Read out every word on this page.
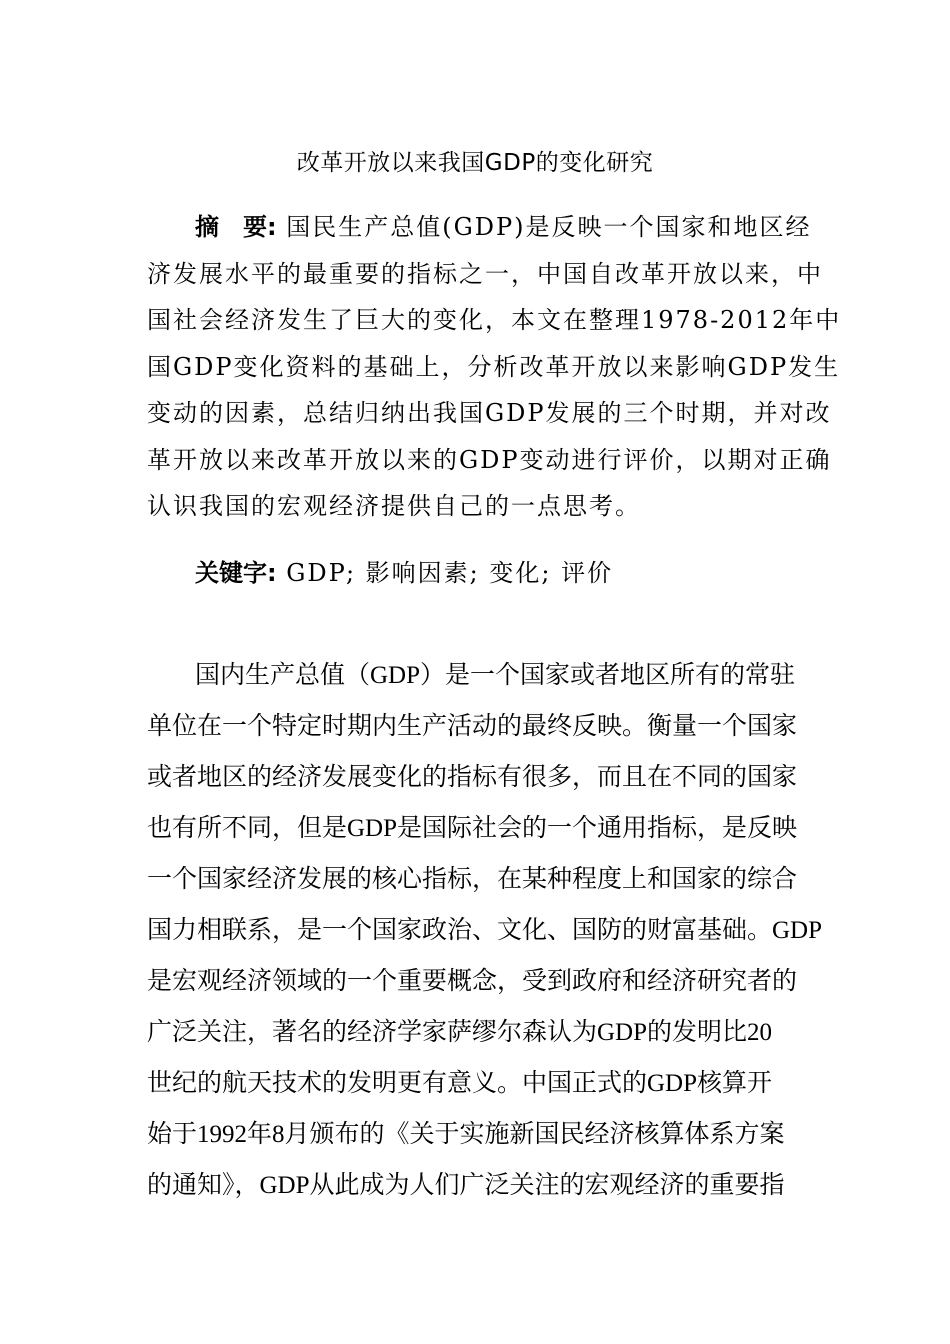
改革开放以来我国GDP的变化研究
摘　要: 国民生产总值(GDP)是反映一个国家和地区经
济发展水平的最重要的指标之一，中国自改革开放以来，中
国社会经济发生了巨大的变化，本文在整理1978-2012年中
国GDP变化资料的基础上，分析改革开放以来影响GDP发生
变动的因素，总结归纳出我国GDP发展的三个时期，并对改
革开放以来改革开放以来的GDP变动进行评价，以期对正确
认识我国的宏观经济提供自己的一点思考。
关键字: GDP; 影响因素; 变化; 评价
国内生产总值（GDP）是一个国家或者地区所有的常驻
单位在一个特定时期内生产活动的最终反映。衡量一个国家
或者地区的经济发展变化的指标有很多，而且在不同的国家
也有所不同，但是GDP是国际社会的一个通用指标，是反映
一个国家经济发展的核心指标，在某种程度上和国家的综合
国力相联系，是一个国家政治、文化、国防的财富基础。GDP
是宏观经济领域的一个重要概念，受到政府和经济研究者的
广泛关注，著名的经济学家萨缪尔森认为GDP的发明比20
世纪的航天技术的发明更有意义。中国正式的GDP核算开
始于1992年8月颁布的《关于实施新国民经济核算体系方案
的通知》，GDP从此成为人们广泛关注的宏观经济的重要指
